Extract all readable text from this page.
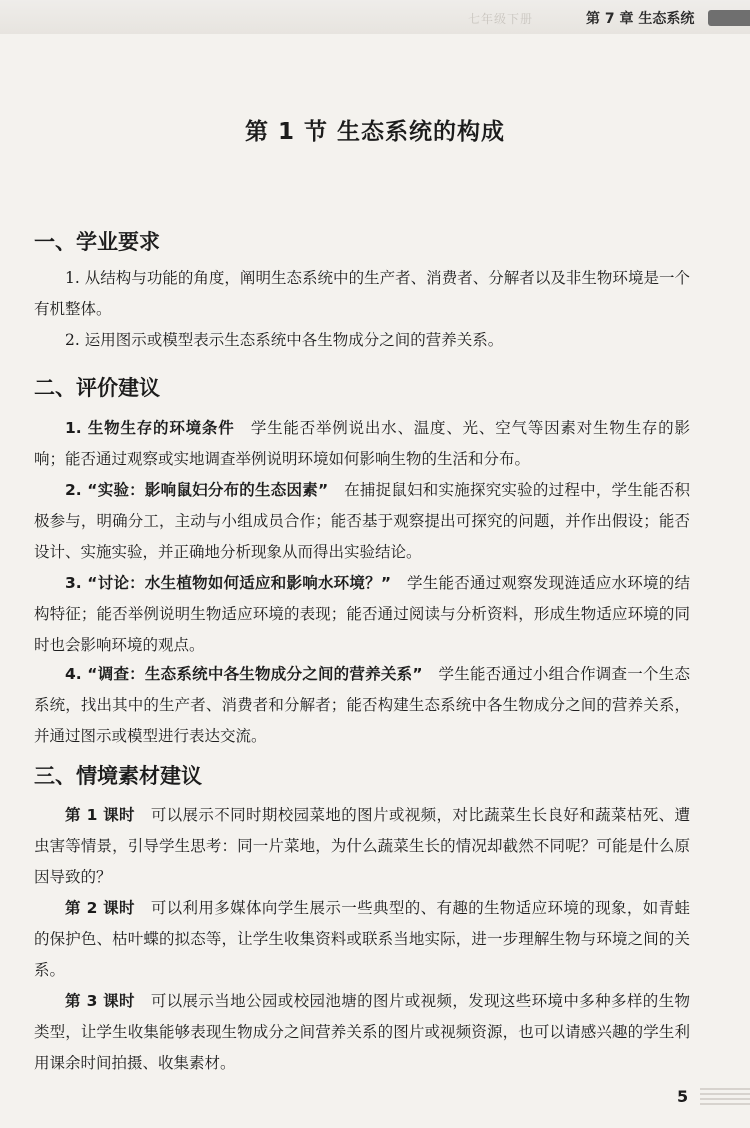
七年级下册	第 7 章 生态系统
第 1 节 生态系统的构成
一、学业要求
1. 从结构与功能的角度，阐明生态系统中的生产者、消费者、分解者以及非生物环境是一个有机整体。
2. 运用图示或模型表示生态系统中各生物成分之间的营养关系。
二、评价建议
1. 生物生存的环境条件　 学生能否举例说出水、温度、光、空气等因素对生物生存的影响；能否通过观察或实地调查举例说明环境如何影响生物的生活和分布。
2. “实验：影响鼠妇分布的生态因素”　 在捕捉鼠妇和实施探究实验的过程中，学生能否积极参与，明确分工，主动与小组成员合作；能否基于观察提出可探究的问题，并作出假设；能否设计、实施实验，并正确地分析现象从而得出实验结论。
3. “讨论：水生植物如何适应和影响水环境？”　 学生能否通过观察发现涟适应水环境的结构特征；能否举例说明生物适应环境的表现；能否通过阅读与分析资料，形成生物适应环境的同时也会影响环境的观点。
4. “调查：生态系统中各生物成分之间的营养关系”　 学生能否通过小组合作调查一个生态系统，找出其中的生产者、消费者和分解者；能否构建生态系统中各生物成分之间的营养关系，并通过图示或模型进行表达交流。
三、情境素材建议
第 1 课时　 可以展示不同时期校园菜地的图片或视频，对比蔬菜生长良好和蔬菜枯死、遭虫害等情景，引导学生思考：同一片菜地，为什么蔬菜生长的情况却截然不同呢？可能是什么原因导致的？
第 2 课时　 可以利用多媒体向学生展示一些典型的、有趣的生物适应环境的现象，如青蛙的保护色、枯叶蝶的拟态等，让学生收集资料或联系当地实际，进一步理解生物与环境之间的关系。
第 3 课时　 可以展示当地公园或校园池塘的图片或视频，发现这些环境中多种多样的生物类型，让学生收集能够表现生物成分之间营养关系的图片或视频资源，也可以请感兴趣的学生利用课余时间拍摄、收集素材。
5
